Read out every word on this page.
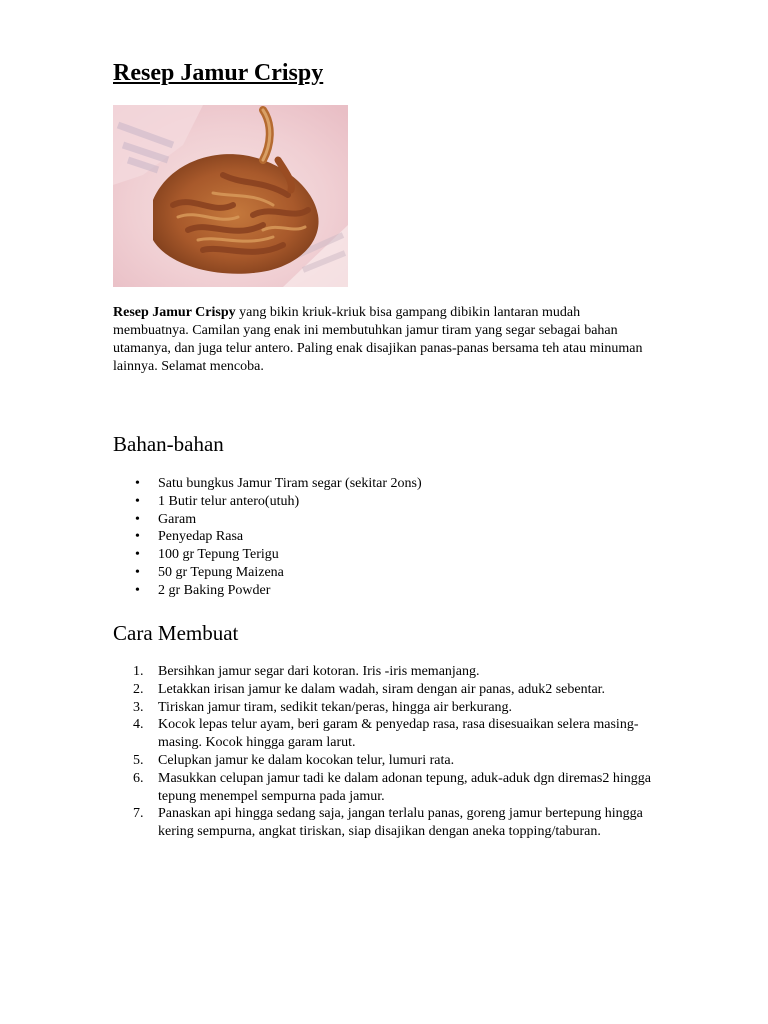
Resep Jamur Crispy

Resep Jamur Crispy yang bikin kriuk-kriuk bisa gampang dibikin lantaran mudah membuatnya. Camilan yang enak ini membutuhkan jamur tiram yang segar sebagai bahan utamanya, dan juga telur antero. Paling enak disajikan panas-panas bersama teh atau minuman lainnya. Selamat mencoba.

Bahan-bahan
• Satu bungkus Jamur Tiram segar (sekitar 2ons)
• 1 Butir telur antero(utuh)
• Garam
• Penyedap Rasa
• 100 gr Tepung Terigu
• 50 gr Tepung Maizena
• 2 gr Baking Powder
Cara Membuat
1. Bersihkan jamur segar dari kotoran. Iris -iris memanjang.
2. Letakkan irisan jamur ke dalam wadah, siram dengan air panas, aduk2 sebentar.
3. Tiriskan jamur tiram, sedikit tekan/peras, hingga air berkurang.
4. Kocok lepas telur ayam, beri garam & penyedap rasa, rasa disesuaikan selera masing-masing. Kocok hingga garam larut.
5. Celupkan jamur ke dalam kocokan telur, lumuri rata.
6. Masukkan celupan jamur tadi ke dalam adonan tepung, aduk-aduk dgn diremas2 hingga tepung menempel sempurna pada jamur.
7. Panaskan api hingga sedang saja, jangan terlalu panas, goreng jamur bertepung hingga kering sempurna, angkat tiriskan, siap disajikan dengan aneka topping/taburan.
